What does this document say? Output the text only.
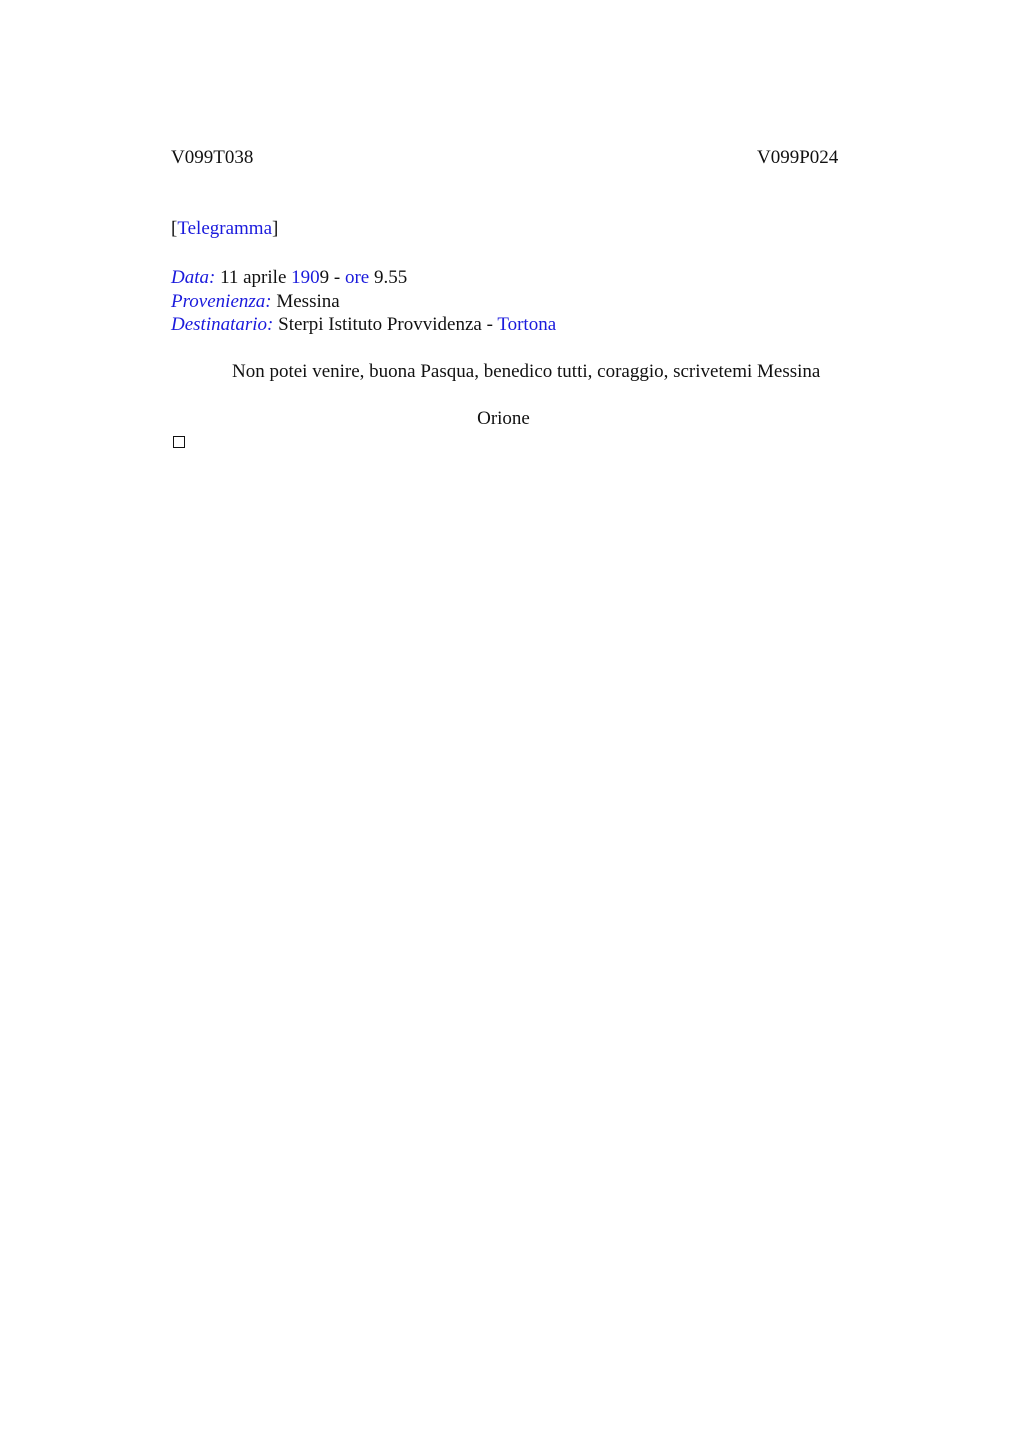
V099T038	V099P024
[Telegramma]
Data: 11 aprile 1909 - ore 9.55
Provenienza: Messina
Destinatario: Sterpi Istituto Provvidenza - Tortona
Non potei venire, buona Pasqua, benedico tutti, coraggio, scrivetemi Messina
Orione
